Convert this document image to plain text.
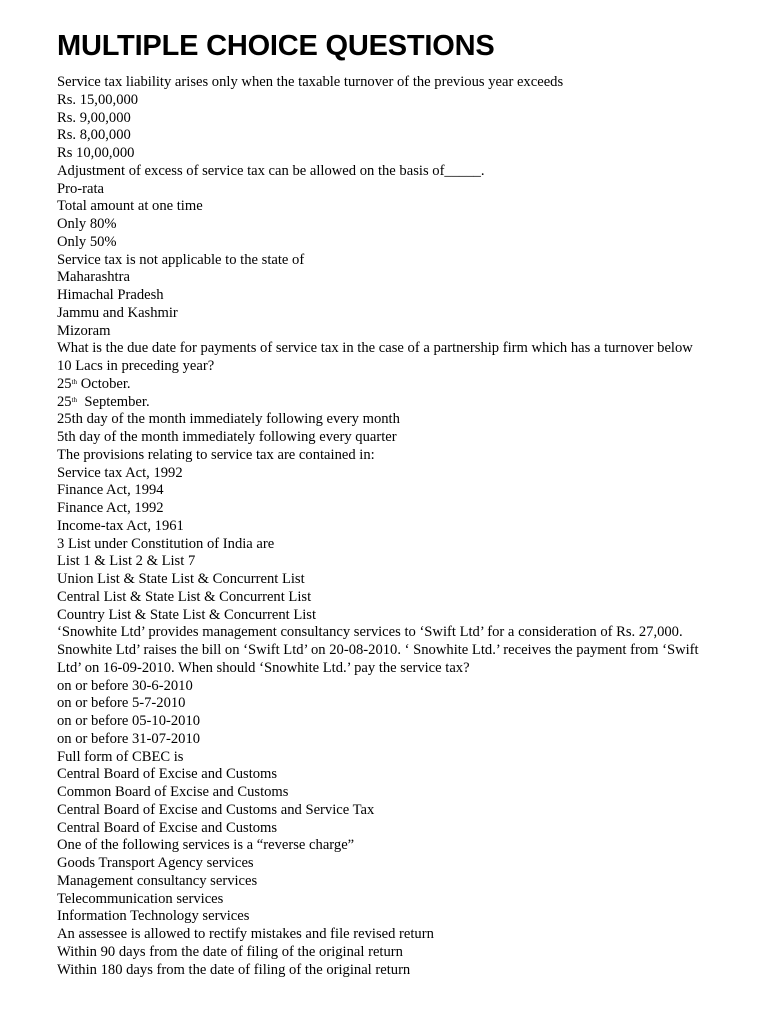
MULTIPLE CHOICE QUESTIONS
Service tax liability arises only when the taxable turnover of the previous year exceeds
Rs. 15,00,000
Rs. 9,00,000
Rs. 8,00,000
Rs 10,00,000
Adjustment of excess of service tax can be allowed on the basis of_____.
Pro-rata
Total amount at one time
Only 80%
Only 50%
Service tax is not applicable to the state of
Maharashtra
Himachal Pradesh
Jammu and Kashmir
Mizoram
What is the due date for payments of service tax in the case of a partnership firm which has a turnover below
10 Lacs in preceding year?
25th October.
25th  September.
25th day of the month immediately following every month
5th day of the month immediately following every quarter
The provisions relating to service tax are contained in:
Service tax Act, 1992
Finance Act, 1994
Finance Act, 1992
Income-tax Act, 1961
3 List under Constitution of India are
List 1 & List 2 & List 7
Union List & State List & Concurrent List
Central List & State List & Concurrent List
Country List & State List & Concurrent List
‘Snowhite Ltd’ provides management consultancy services to ‘Swift Ltd’ for a consideration of Rs. 27,000.
Snowhite Ltd’ raises the bill on ‘Swift Ltd’ on 20-08-2010. ‘ Snowhite Ltd.’ receives the payment from ‘Swift
Ltd’ on 16-09-2010. When should ‘Snowhite Ltd.’ pay the service tax?
on or before 30-6-2010
on or before 5-7-2010
on or before 05-10-2010
on or before 31-07-2010
Full form of CBEC is
Central Board of Excise and Customs
Common Board of Excise and Customs
Central Board of Excise and Customs and Service Tax
Central Board of Excise and Customs
One of the following services is a “reverse charge”
Goods Transport Agency services
Management consultancy services
Telecommunication services
Information Technology services
An assessee is allowed to rectify mistakes and file revised return
Within 90 days from the date of filing of the original return
Within 180 days from the date of filing of the original return
